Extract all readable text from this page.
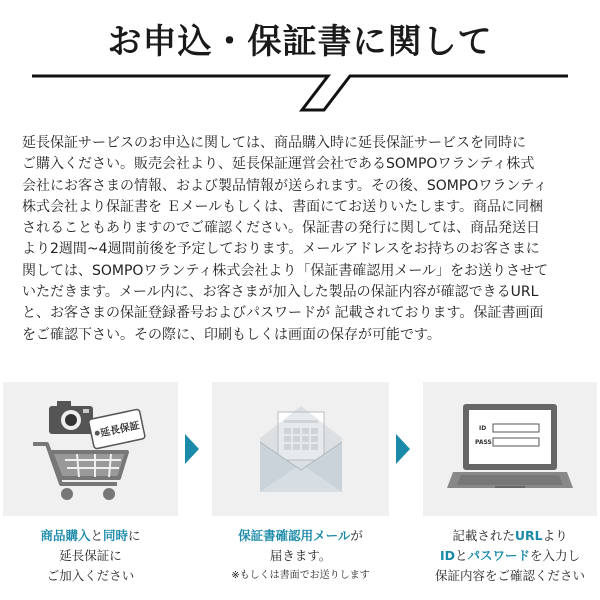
お申込・保証書に関して

延長保証サービスのお申込に関しては、商品購入時に延長保証サービスを同時に

ご購入ください。販売会社より、延長保証運営会社であるSOMPOワランティ株式

会社にお客さまの情報、および製品情報が送られます。その後、SOMPOワランティ

株式会社より保証書を Ｅメールもしくは、書面にてお送りいたします。商品に同梱

されることもありますのでご確認ください。保証書の発行に関しては、商品発送日

より2週間~4週間前後を予定しております。メールアドレスをお持ちのお客さまに

関しては、SOMPOワランティ株式会社より「保証書確認用メール」をお送りさせて

いただきます。メール内に、お客さまが加入した製品の保証内容が確認できるURL

と、お客さまの保証登録番号およびパスワードが 記載されております。保証書画面

をご確認下さい。その際に、印刷もしくは画面の保存が可能です。

延長保証	ID
PASS
商品購入と同時に
延長保証に
ご加入ください
保証書確認用メールが
届きます。
※もしくは書面でお送りします
記載されたURLより
IDとパスワードを入力し
保証内容をご確認ください
